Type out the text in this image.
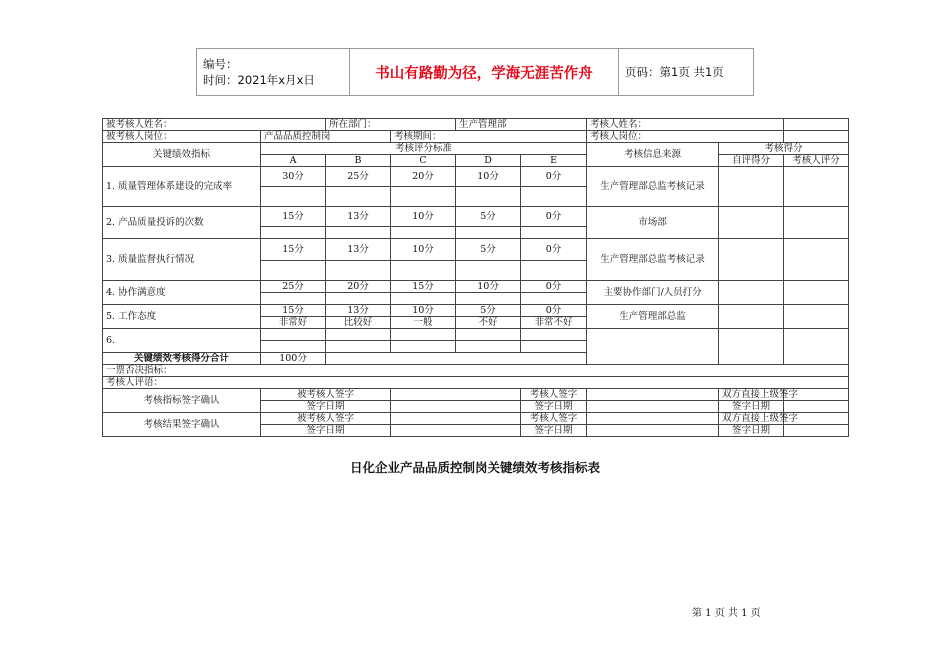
编号：
时间：2021年x月x日	书山有路勤为径，学海无涯苦作舟	页码：第1页 共1页
被考核人姓名：		所在部门：		生产管理部		考核人姓名：		
被考核人岗位：	产品品质控制岗		考核期间：			考核人岗位：		
关键绩效指标	考核评分标准					考核信息来源	考核得分	
	A	B	C	D	E		自评得分	考核人评分
1. 质量管理体系建设的完成率	30分	25分	20分	10分	0分	生产管理部总监考核记录		

2. 产品质量投诉的次数	15分	13分	10分	5分	0分	市场部		

3. 质量监督执行情况	15分	13分	10分	5分	0分	生产管理部总监考核记录		

4. 协作满意度	25分	20分	15分	10分	0分	主要协作部门/人员打分		

5. 工作态度	15分	13分	10分	5分	0分	生产管理部总监		
	非常好	比较好	一般	不好	非常不好			
6.								

关键绩效考核得分合计	100分							
一票否决指标：								
考核人评语：								
考核指标签字确认	被考核人签字				考核人签字		双方直接上级签字	
	签字日期				签字日期		签字日期	
考核结果签字确认	被考核人签字				考核人签字		双方直接上级签字	
	签字日期				签字日期		签字日期	
日化企业产品品质控制岗关键绩效考核指标表
第 1 页 共 1 页
